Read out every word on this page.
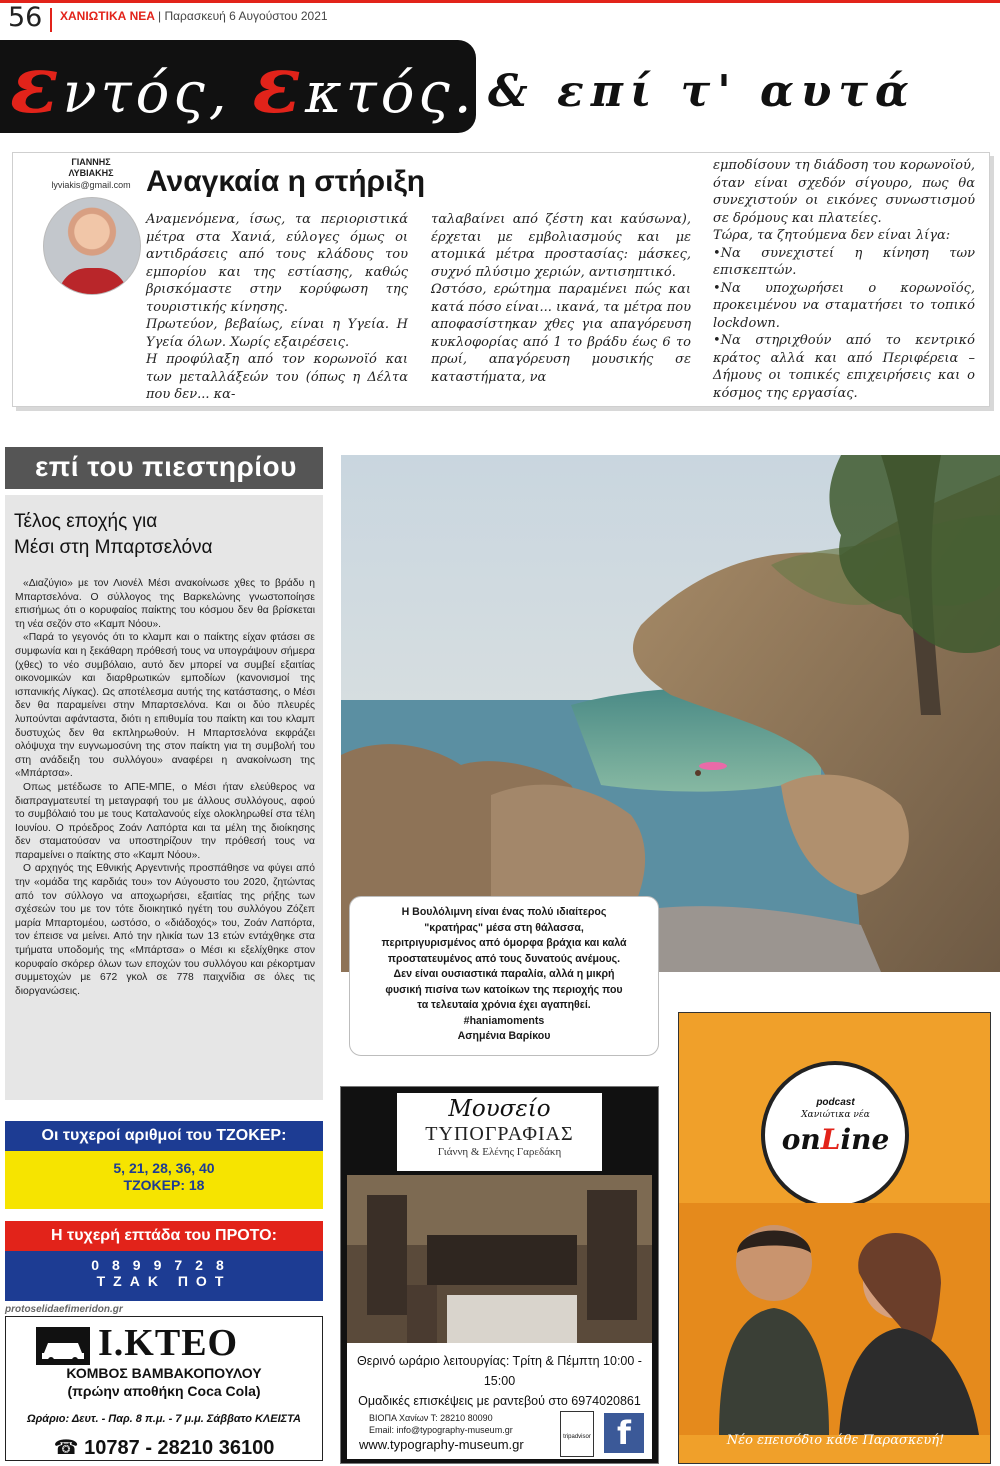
56 ΧΑΝΙΩΤΙΚΑ ΝΕΑ | Παρασκευή 6 Αυγούστου 2021
εντός, εκτός...
& επί τ' αυτά
ΓΙΑΝΝΗΣ
ΛΥΒΙΑΚΗΣ
lyviakis@gmail.com Αναγκαία η στήριξη

Αναμενόμενα, ίσως, τα περιοριστικά μέτρα στα Χανιά, εύλογες όμως οι αντιδράσεις από τους κλάδους του εμπορίου και της εστίασης, καθώς βρισκόμαστε στην κορύφωση της τουριστικής κίνησης.

Πρωτεύον, βεβαίως, είναι η Υγεία. Η Υγεία όλων. Χωρίς εξαιρέσεις.

Η προφύλαξη από τον κορωνοϊό και των μεταλλάξεών του (όπως η Δέλτα που δεν... κα-

ταλαβαίνει από ζέστη και καύσωνα), έρχεται με εμβολιασμούς και με ατομικά μέτρα προστασίας: μάσκες, συχνό πλύσιμο χεριών, αντισηπτικό.

Ωστόσο, ερώτημα παραμένει πώς και κατά πόσο είναι... ικανά, τα μέτρα που αποφασίστηκαν χθες για απαγόρευση κυκλοφορίας από 1 το βράδυ έως 6 το πρωί, απαγόρευση μουσικής σε καταστήματα, να

εμποδίσουν τη διάδοση του κορωνοϊού, όταν είναι σχεδόν σίγουρο, πως θα συνεχιστούν οι εικόνες συνωστισμού σε δρόμους και πλατείες.

Τώρα, τα ζητούμενα δεν είναι λίγα:

•Να συνεχιστεί η κίνηση των επισκεπτών.

•Να υποχωρήσει ο κορωνοϊός, προκειμένου να σταματήσει το τοπικό lockdown.

•Να στηριχθούν από το κεντρικό κράτος αλλά και από Περιφέρεια – Δήμους οι τοπικές επιχειρήσεις και ο κόσμος της εργασίας.

επί του πιεστηρίου
Τέλος εποχής για
Μέσι στη Μπαρτσελόνα

«Διαζύγιο» με τον Λιονέλ Μέσι ανακοίνωσε χθες το βράδυ η Μπαρτσελόνα. Ο σύλλογος της Βαρκελώνης γνωστοποίησε επισήμως ότι ο κορυφαίος παίκτης του κόσμου δεν θα βρίσκεται τη νέα σεζόν στο «Καμπ Νόου».

«Παρά το γεγονός ότι το κλαμπ και ο παίκτης είχαν φτάσει σε συμφωνία και η ξεκάθαρη πρόθεσή τους να υπογράψουν σήμερα (χθες) το νέο συμβόλαιο, αυτό δεν μπορεί να συμβεί εξαιτίας οικονομικών και διαρθρωτικών εμποδίων (κανονισμοί της ισπανικής Λίγκας). Ως αποτέλεσμα αυτής της κατάστασης, ο Μέσι δεν θα παραμείνει στην Μπαρτσελόνα. Και οι δύο πλευρές λυπούνται αφάνταστα, διότι η επιθυμία του παίκτη και του κλαμπ δυστυχώς δεν θα εκπληρωθούν. Η Μπαρτσελόνα εκφράζει ολόψυχα την ευγνωμοσύνη της στον παίκτη για τη συμβολή του στη ανάδειξη του συλλόγου» αναφέρει η ανακοίνωση της «Μπάρτσα».

Οπως μετέδωσε το ΑΠΕ-ΜΠΕ, ο Μέσι ήταν ελεύθερος να διαπραγματευτεί τη μεταγραφή του με άλλους συλλόγους, αφού το συμβόλαιό του με τους Καταλανούς είχε ολοκληρωθεί στα τέλη Ιουνίου. Ο πρόεδρος Ζοάν Λαπόρτα και τα μέλη της διοίκησης δεν σταματούσαν να υποστηρίζουν την πρόθεσή τους να παραμείνει ο παίκτης στο «Καμπ Νόου».

Ο αρχηγός της Εθνικής Αργεντινής προσπάθησε να φύγει από την «ομάδα της καρδιάς του» τον Αύγουστο του 2020, ζητώντας από τον σύλλογο να αποχωρήσει, εξαιτίας της ρήξης των σχέσεών του με τον τότε διοικητικό ηγέτη του συλλόγου Ζόζεπ μαρία Μπαρτομέου, ωστόσο, ο «διάδοχός» του, Ζοάν Λαπόρτα, τον έπεισε να μείνει. Από την ηλικία των 13 ετών εντάχθηκε στα τμήματα υποδομής της «Μπάρτσα» ο Μέσι κι εξελίχθηκε στον κορυφαίο σκόρερ όλων των εποχών του συλλόγου και ρέκορτμαν συμμετοχών με 672 γκολ σε 778 παιχνίδια σε όλες τις διοργανώσεις.

Η Βουλόλιμνη είναι ένας πολύ ιδιαίτερος
"κρατήρας" μέσα στη θάλασσα,
περιτριγυρισμένος από όμορφα βράχια και καλά
προστατευμένος από τους δυνατούς ανέμους.
Δεν είναι ουσιαστικά παραλία, αλλά η μικρή
φυσική πισίνα των κατοίκων της περιοχής που
τα τελευταία χρόνια έχει αγαπηθεί.
#haniamoments
Ασημένια Βαρίκου
Οι τυχεροί αριθμοί του ΤΖΟΚΕΡ:
5, 21, 28, 36, 40
ΤΖΟΚΕΡ: 18
Η τυχερή επτάδα του ΠΡΟΤΟ:
0899728
ΤΖΑΚ ΠΟΤ
protoselidaefimeridon.gr
Ι.ΚΤΕΟ
ΚΟΜΒΟΣ ΒΑΜΒΑΚΟΠΟΥΛΟΥ
(πρώην αποθήκη Coca Cola)
Ωράριο: Δευτ. - Παρ. 8 π.μ. - 7 μ.μ. Σάββατο ΚΛΕΙΣΤΑ
☎ 10787 - 28210 36100
Μουσείο
ΤΥΠΟΓΡΑΦΙΑΣ
Γιάννη & Ελένης Γαρεδάκη
Θερινό ωράριο λειτουργίας: Τρίτη & Πέμπτη 10:00 - 15:00
Ομαδικές επισκέψεις με ραντεβού στο 6974020861
ΒΙΟΠΑ Χανίων Τ: 28210 80090
Email: info@typography-museum.gr
www.typography-museum.gr	tripadvisor f
podcast
Χανιώτικα νέα
onLine
Νέο επεισόδιο κάθε Παρασκευή!
